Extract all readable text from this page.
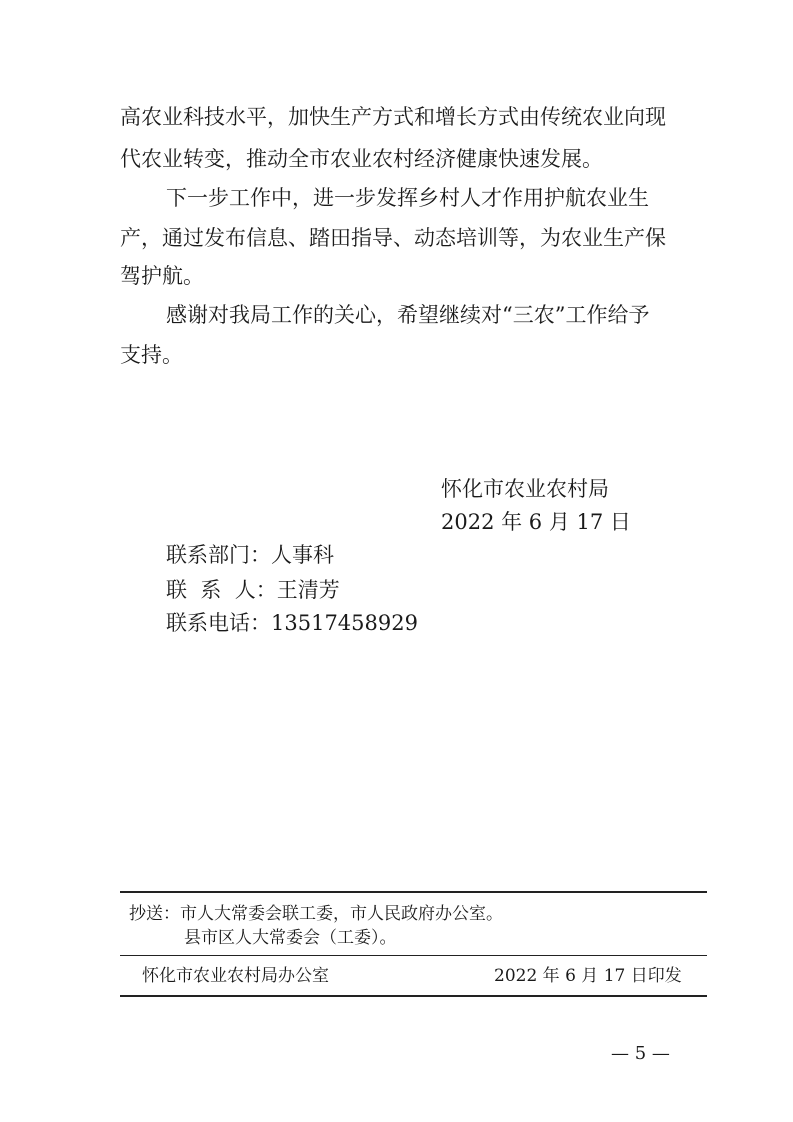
高农业科技水平，加快生产方式和增长方式由传统农业向现
代农业转变，推动全市农业农村经济健康快速发展。
下一步工作中，进一步发挥乡村人才作用护航农业生
产，通过发布信息、踏田指导、动态培训等，为农业生产保
驾护航。
感谢对我局工作的关心，希望继续对“三农”工作给予
支持。
怀化市农业农村局
2022 年 6 月 17 日
联系部门：人事科
联  系  人：王清芳
联系电话：13517458929
抄送：市人大常委会联工委，市人民政府办公室。
县市区人大常委会（工委）。
怀化市农业农村局办公室	2022 年 6 月 17 日印发
— 5 —
